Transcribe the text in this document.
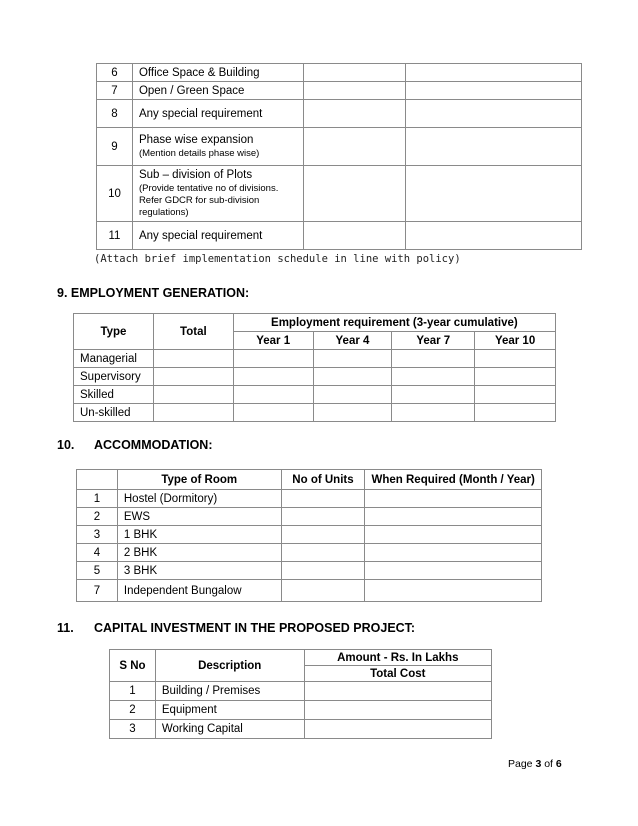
6	Office Space & Building		
7	Open / Green Space		
8	Any special requirement		
9	Phase wise expansion
(Mention details phase wise)		

10	Sub – division of Plots
(Provide tentative no of divisions. Refer GDCR for sub-division regulations)		

11	Any special requirement		
(Attach brief implementation schedule in line with policy)
9. EMPLOYMENT GENERATION:
Type	Total	Employment requirement (3-year cumulative)			
		Year 1	Year 4	Year 7	Year 10
Managerial					
Supervisory					
Skilled					
Un-skilled					
10. ACCOMMODATION:
	Type of Room	No of Units	When Required (Month / Year)
1	Hostel (Dormitory)		
2	EWS		
3	1 BHK		
4	2 BHK		
5	3 BHK		
7	Independent Bungalow		
11. CAPITAL INVESTMENT IN THE PROPOSED PROJECT:
S No	Description	Amount - Rs. In Lakhs
		Total Cost
1	Building / Premises	
2	Equipment	
3	Working Capital	
Page 3 of 6
